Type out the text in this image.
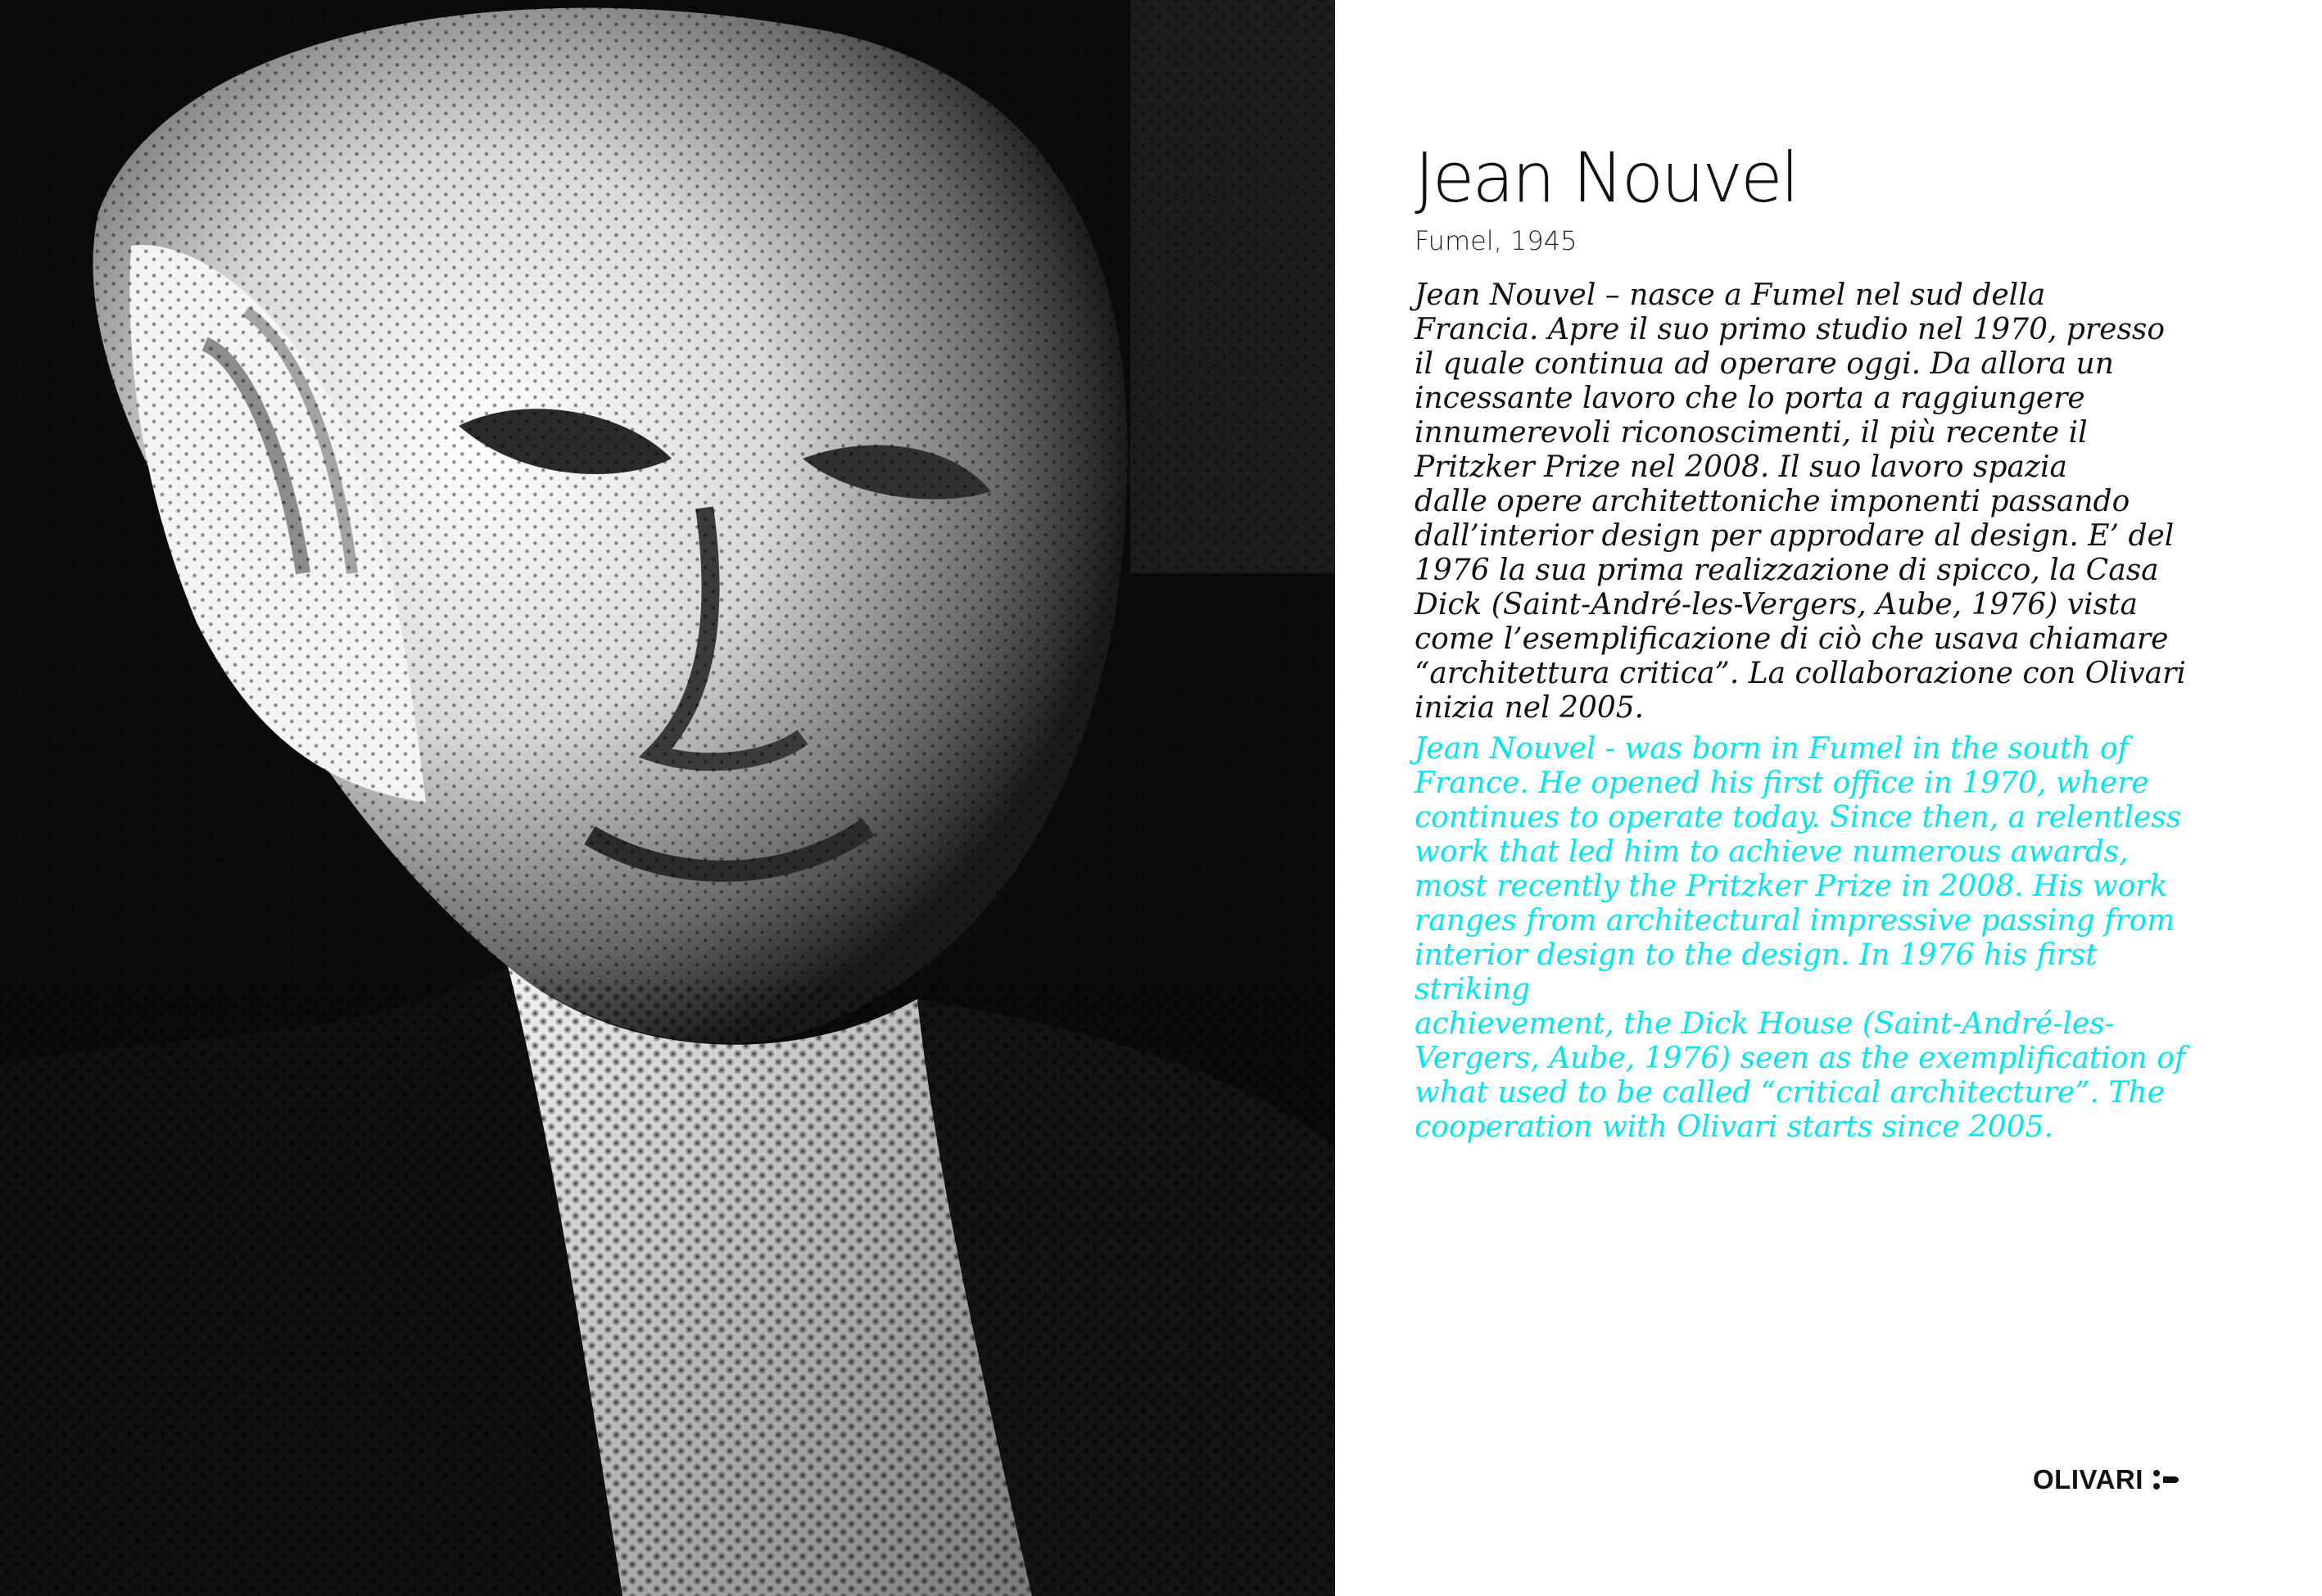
Jean Nouvel
Fumel, 1945

Jean Nouvel – nasce a Fumel nel sud della
Francia. Apre il suo primo studio nel 1970, presso
il quale continua ad operare oggi. Da allora un
incessante lavoro che lo porta a raggiungere
innumerevoli riconoscimenti, il più recente il
Pritzker Prize nel 2008. Il suo lavoro spazia
dalle opere architettoniche imponenti passando
dall’interior design per approdare al design. E’ del
1976 la sua prima realizzazione di spicco, la Casa
Dick (Saint-André-les-Vergers, Aube, 1976) vista
come l’esemplificazione di ciò che usava chiamare
“architettura critica”. La collaborazione con Olivari
inizia nel 2005.

Jean Nouvel - was born in Fumel in the south of
France. He opened his first office in 1970, where
continues to operate today. Since then, a relentless
work that led him to achieve numerous awards,
most recently the Pritzker Prize in 2008. His work
ranges from architectural impressive passing from
interior design to the design. In 1976 his first striking
achievement, the Dick House (Saint-André-les-
Vergers, Aube, 1976) seen as the exemplification of
what used to be called “critical architecture”. The
cooperation with Olivari starts since 2005.

OLIVARI
